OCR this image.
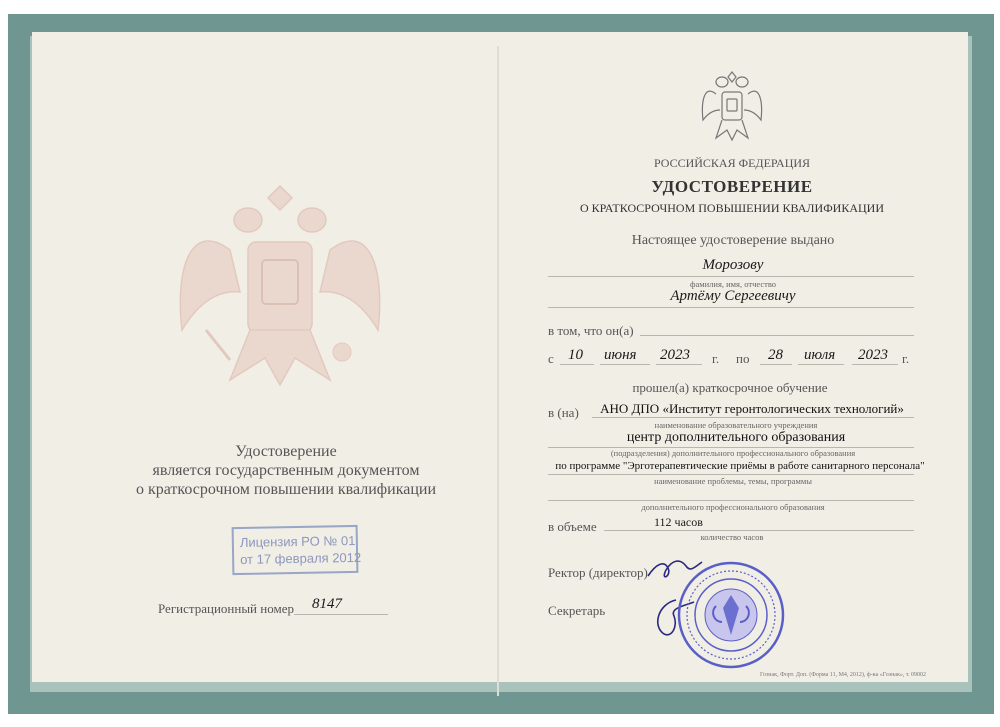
Удостоверение
является государственным документом
о краткосрочном повышении квалификации
Лицензия РО № 01
от 17 февраля 2012
Регистрационный номер 8147
РОССИЙСКАЯ ФЕДЕРАЦИЯ
УДОСТОВЕРЕНИЕ
О КРАТКОСРОЧНОМ ПОВЫШЕНИИ КВАЛИФИКАЦИИ
Настоящее удостоверение выдано
Морозову
фамилия, имя, отчество
Артёму Сергеевичу
в том, что он(а)
с 10 июня 2023 г. по 28 июля 2023 г.
прошел(а) краткосрочное обучение
в (на) АНО ДПО «Институт геронтологических технологий»
наименование образовательного учреждения
центр дополнительного образования
(подразделения) дополнительного профессионального образования
по программе "Эрготерапевтические приёмы в работе санитарного персонала"
наименование проблемы, темы, программы
дополнительного профессионального образования
в объеме	112 часов
количество часов
Ректор (директор)
Секретарь
Гознак, Форт. Доп. (Форма 11, М4, 2012), ф-ка «Гознак», т. 09002
